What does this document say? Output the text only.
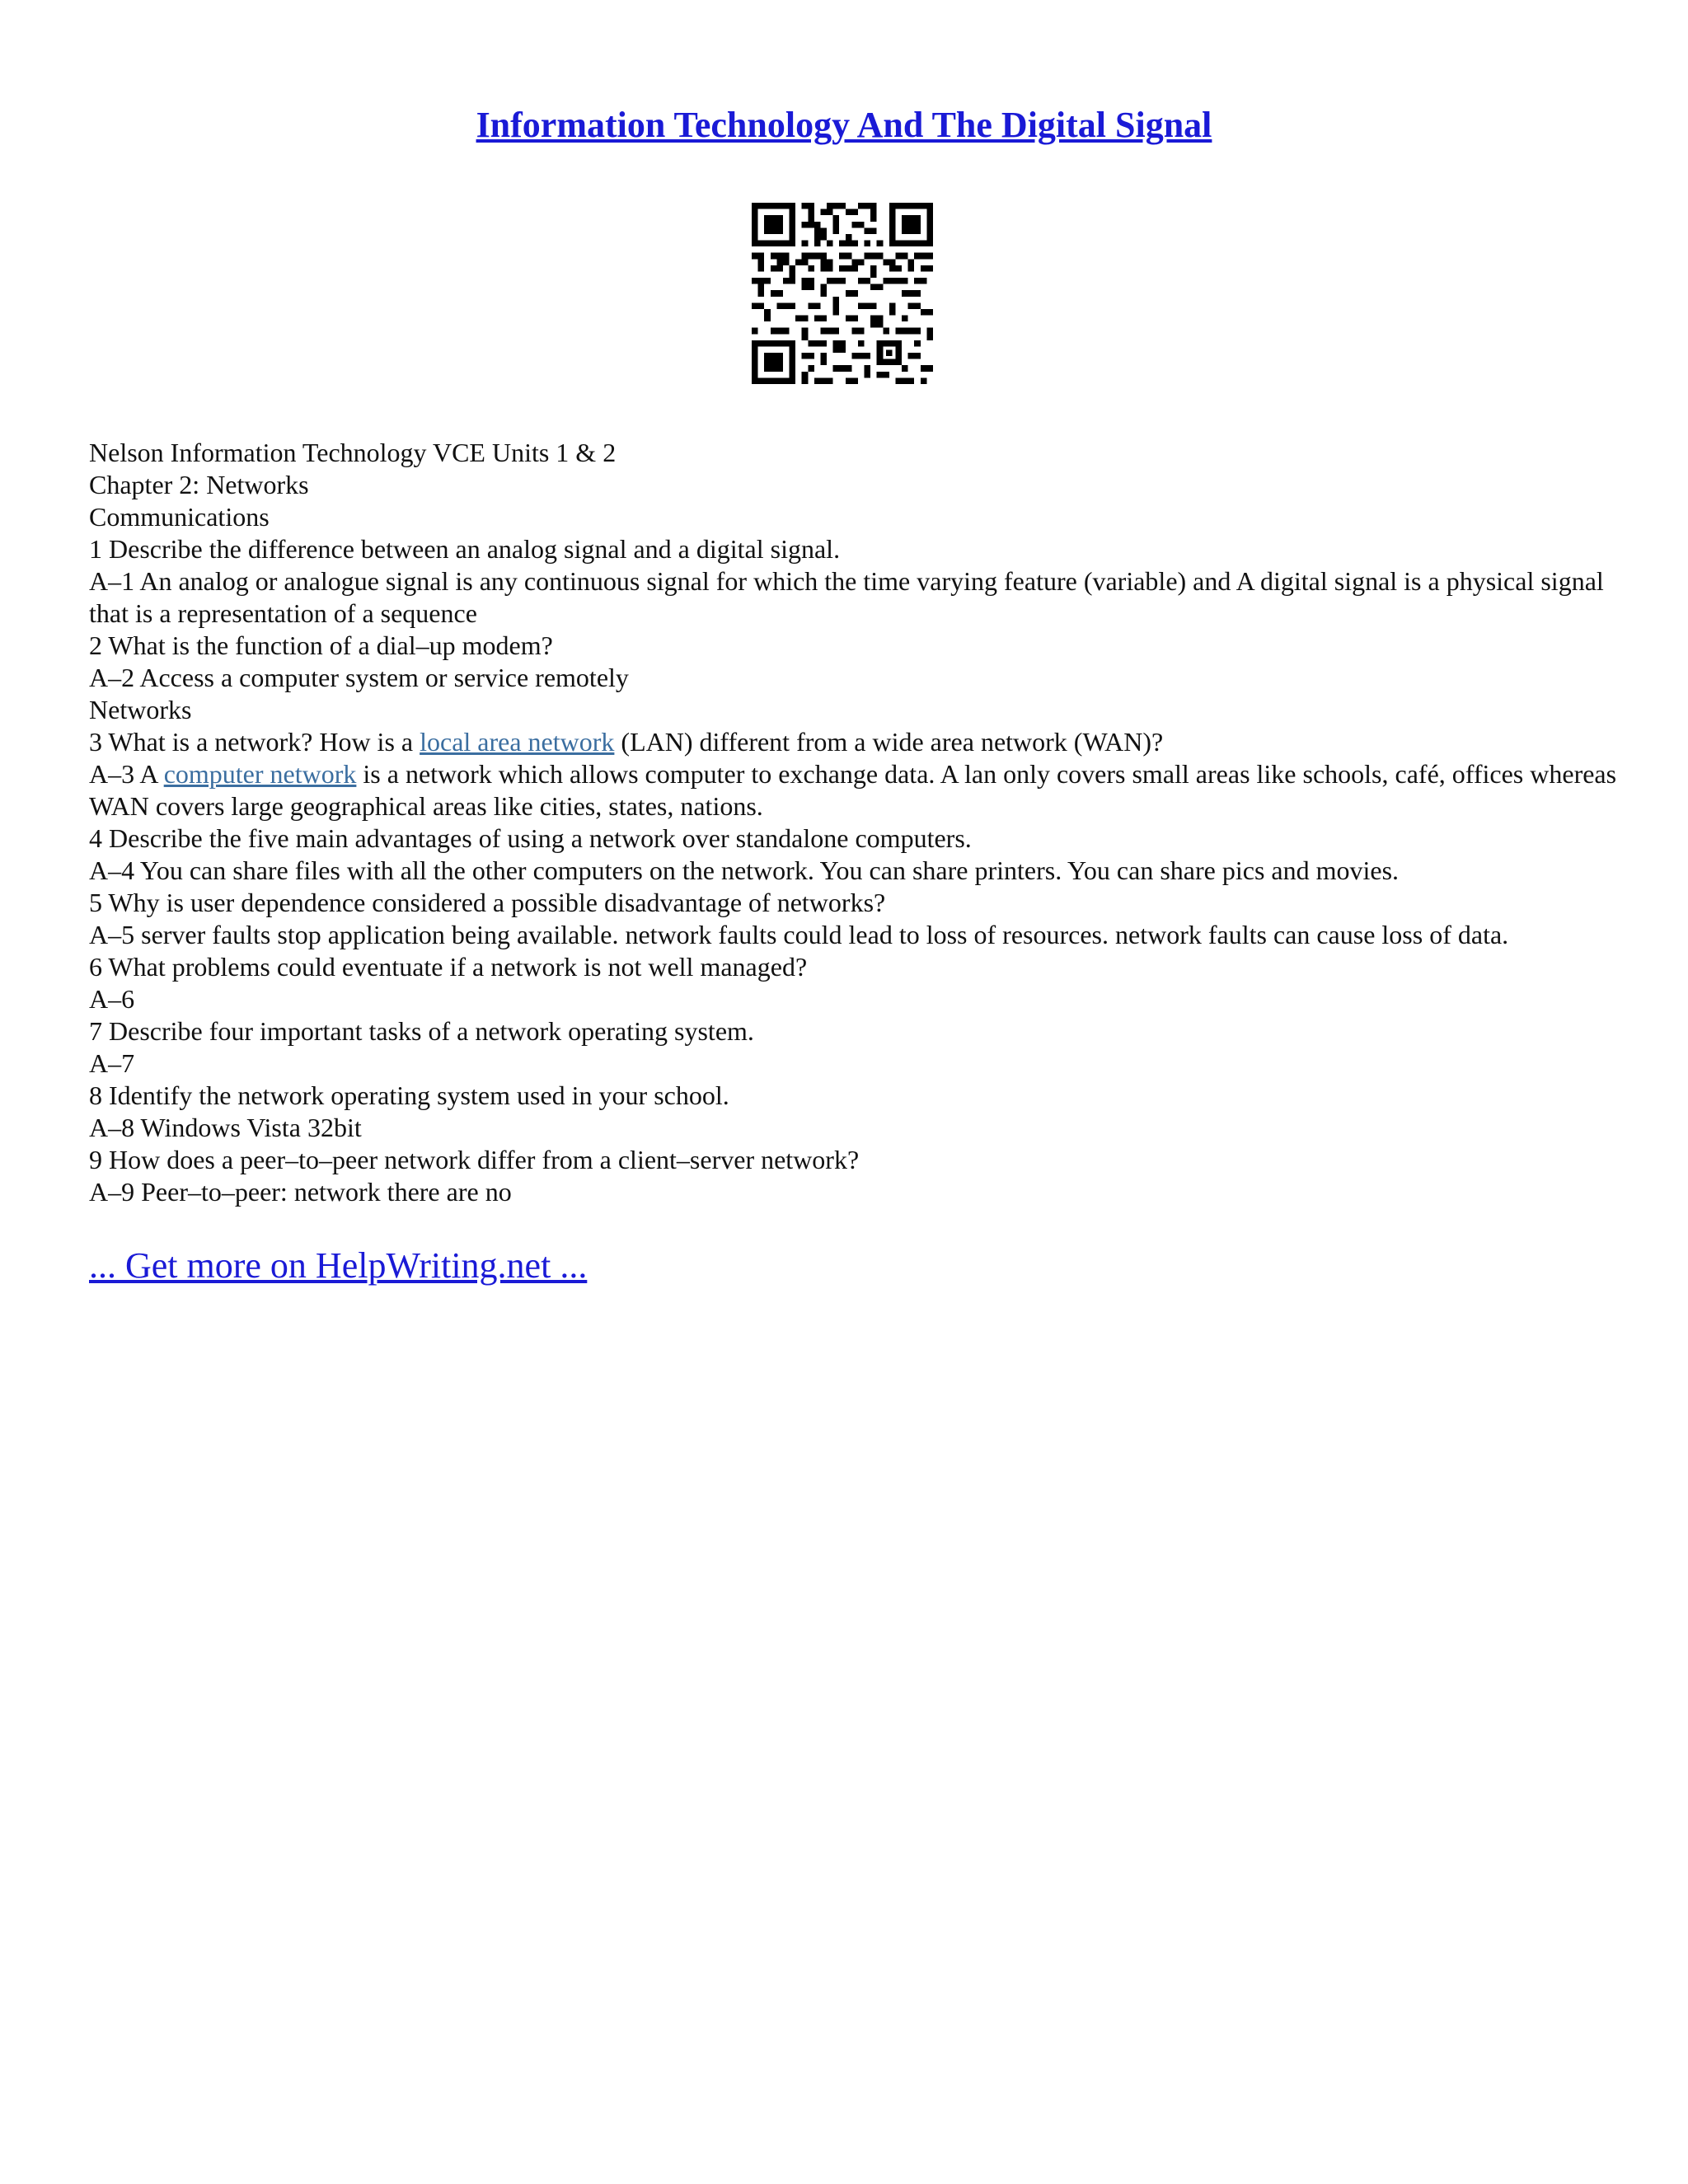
Information Technology And The Digital Signal
Nelson Information Technology VCE Units 1 & 2
Chapter 2: Networks
Communications
1 Describe the difference between an analog signal and a digital signal.
A–1 An analog or analogue signal is any continuous signal for which the time varying feature (variable) and A digital signal is a physical signal that is a representation of a sequence
2 What is the function of a dial–up modem?
A–2 Access a computer system or service remotely
Networks
3 What is a network? How is a local area network (LAN) different from a wide area network (WAN)?
A–3 A computer network is a network which allows computer to exchange data. A lan only covers small areas like schools, café, offices whereas WAN covers large geographical areas like cities, states, nations.
4 Describe the five main advantages of using a network over standalone computers.
A–4 You can share files with all the other computers on the network. You can share printers. You can share pics and movies.
5 Why is user dependence considered a possible disadvantage of networks?
A–5 server faults stop application being available. network faults could lead to loss of resources. network faults can cause loss of data.
6 What problems could eventuate if a network is not well managed?
A–6
7 Describe four important tasks of a network operating system.
A–7
8 Identify the network operating system used in your school.
A–8 Windows Vista 32bit
9 How does a peer–to–peer network differ from a client–server network?
A–9 Peer–to–peer: network there are no
... Get more on HelpWriting.net ...
